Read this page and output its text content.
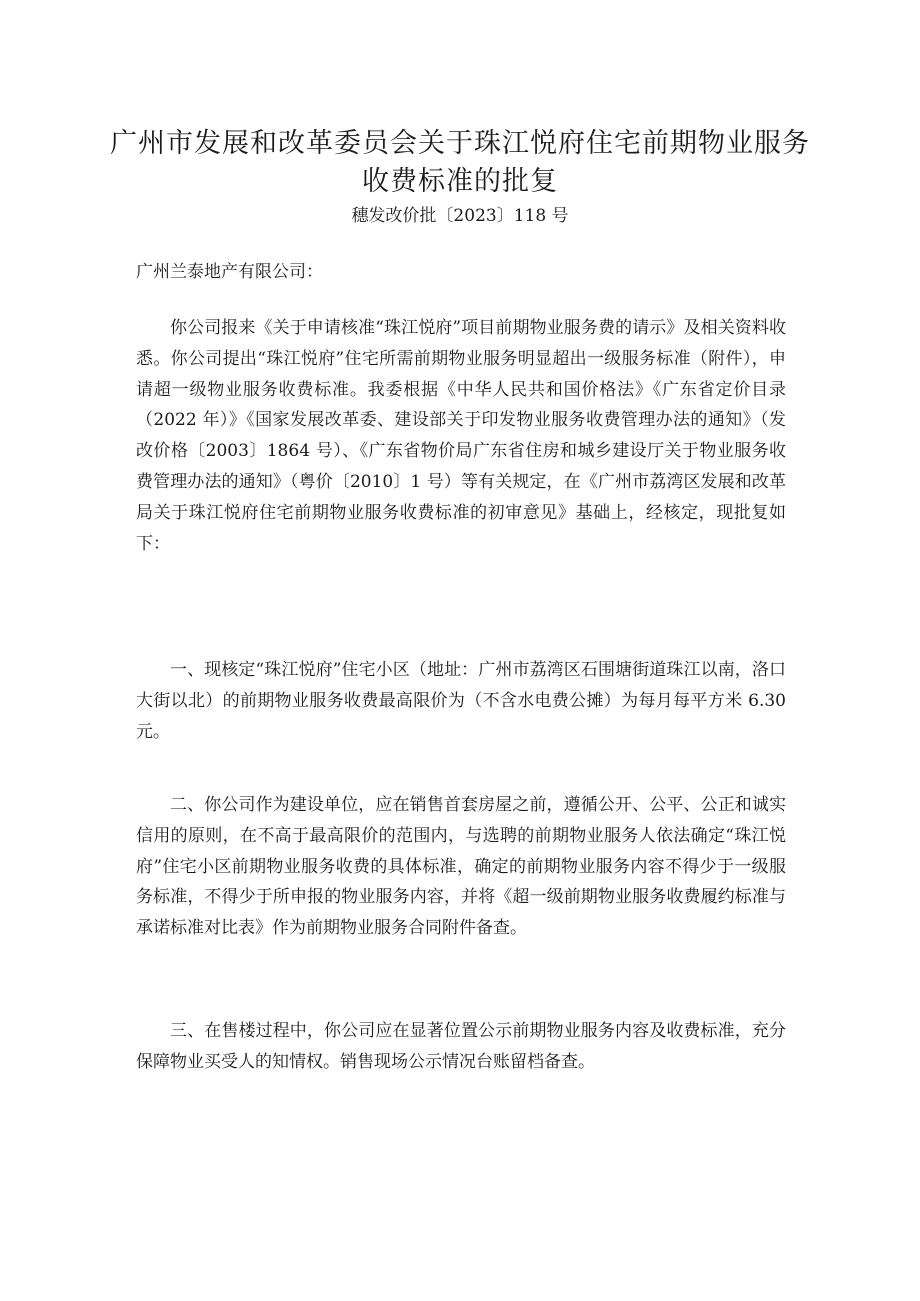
广州市发展和改革委员会关于珠江悦府住宅前期物业服务
收费标准的批复
穗发改价批〔2023〕118 号
广州兰泰地产有限公司：

你公司报来《关于申请核准“珠江悦府”项目前期物业服务费的请示》及相关资料收悉。你公司提出“珠江悦府”住宅所需前期物业服务明显超出一级服务标准（附件），申请超一级物业服务收费标准。我委根据《中华人民共和国价格法》《广东省定价目录（2022 年）》《国家发展改革委、建设部关于印发物业服务收费管理办法的通知》（发改价格〔2003〕1864 号）、《广东省物价局广东省住房和城乡建设厅关于物业服务收费管理办法的通知》（粤价〔2010〕1 号）等有关规定，在《广州市荔湾区发展和改革局关于珠江悦府住宅前期物业服务收费标准的初审意见》基础上，经核定，现批复如下：

一、现核定“珠江悦府”住宅小区（地址：广州市荔湾区石围塘街道珠江以南，洛口大街以北）的前期物业服务收费最高限价为（不含水电费公摊）为每月每平方米 6.30 元。

二、你公司作为建设单位，应在销售首套房屋之前，遵循公开、公平、公正和诚实信用的原则，在不高于最高限价的范围内，与选聘的前期物业服务人依法确定“珠江悦府”住宅小区前期物业服务收费的具体标准，确定的前期物业服务内容不得少于一级服务标准，不得少于所申报的物业服务内容，并将《超一级前期物业服务收费履约标准与承诺标准对比表》作为前期物业服务合同附件备查。

三、在售楼过程中，你公司应在显著位置公示前期物业服务内容及收费标准，充分保障物业买受人的知情权。销售现场公示情况台账留档备查。
